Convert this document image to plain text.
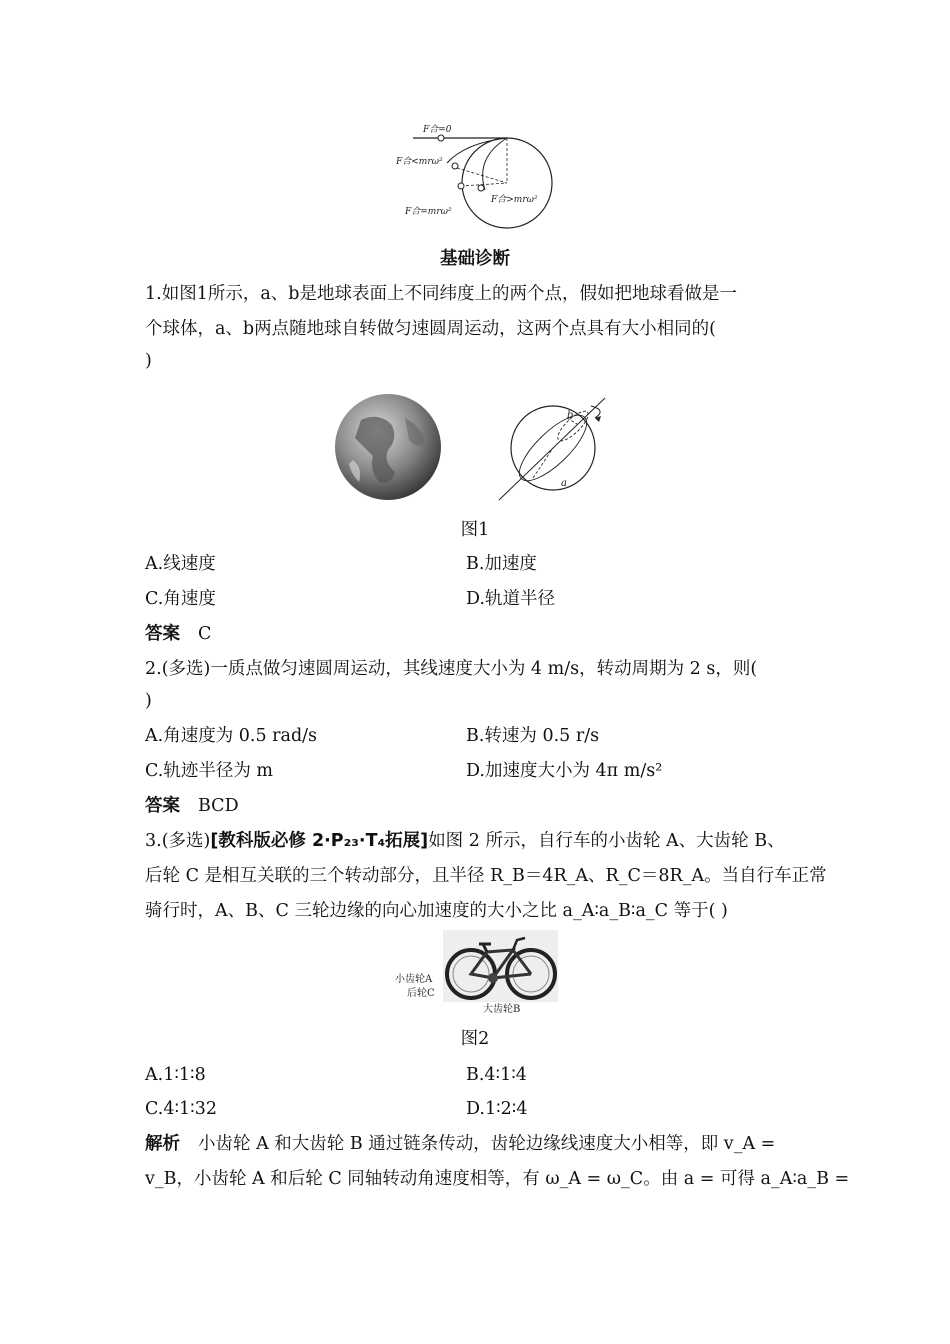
F合=0
F合<mrω²
F合>mrω²
F合=mrω²
基础诊断
1.如图1所示，a、b是地球表面上不同纬度上的两个点，假如把地球看做是一
个球体，a、b两点随地球自转做匀速圆周运动，这两个点具有大小相同的(
)
b
a
图1
A.线速度	B.加速度
C.角速度	D.轨道半径
答案 C
2.(多选)一质点做匀速圆周运动，其线速度大小为 4 m/s，转动周期为 2 s，则(
)
A.角速度为 0.5 rad/s	B.转速为 0.5 r/s
C.轨迹半径为 m	D.加速度大小为 4π m/s²
答案 BCD
3.(多选)[教科版必修 2·P₂₃·T₄拓展]如图 2 所示，自行车的小齿轮 A、大齿轮 B、
后轮 C 是相互关联的三个转动部分，且半径 R_B＝4R_A、R_C＝8R_A。当自行车正常
骑行时，A、B、C 三轮边缘的向心加速度的大小之比 a_A∶a_B∶a_C 等于( )
小齿轮A
后轮C
大齿轮B
图2
A.1∶1∶8	B.4∶1∶4
C.4∶1∶32	D.1∶2∶4
解析 小齿轮 A 和大齿轮 B 通过链条传动，齿轮边缘线速度大小相等，即 v_A =
v_B，小齿轮 A 和后轮 C 同轴转动角速度相等，有 ω_A = ω_C。由 a = 可得 a_A∶a_B =
